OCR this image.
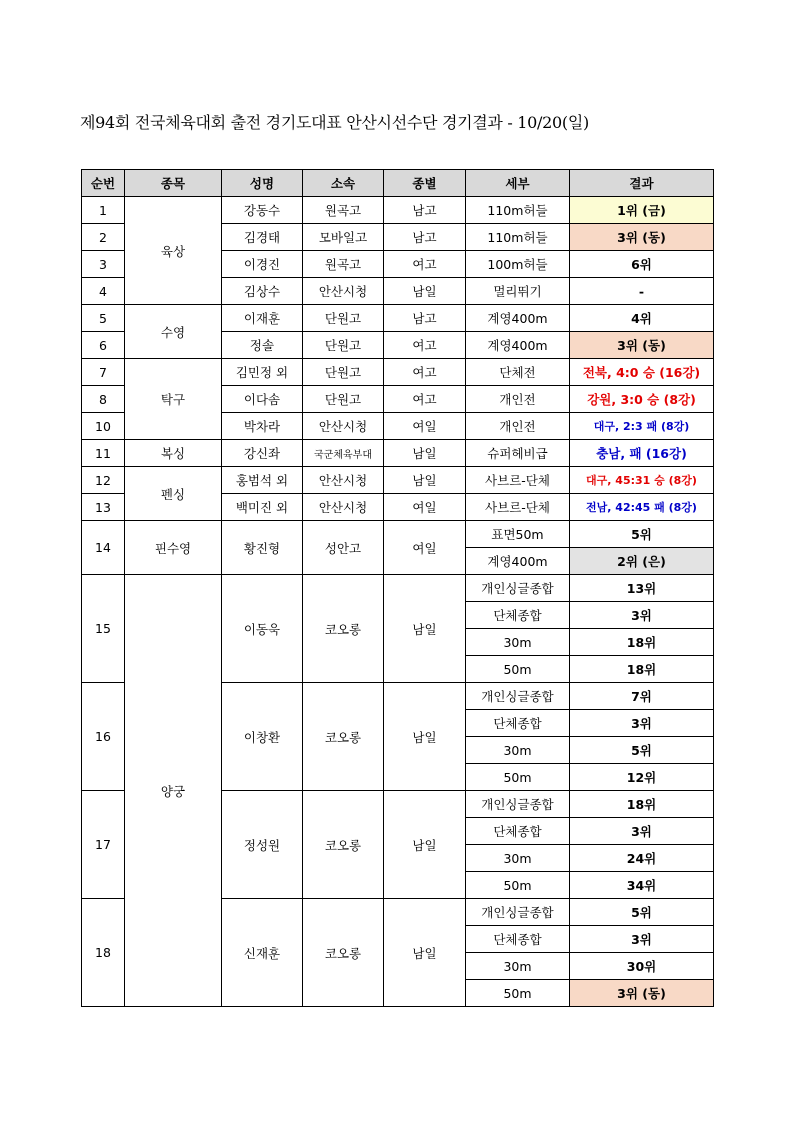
제94회 전국체육대회 출전 경기도대표 안산시선수단 경기결과 - 10/20(일)
순번	종목	성명	소속	종별	세부	결과
1	육상	강동수	원곡고	남고	110m허들	1위 (금)
2		김경태	모바일고	남고	110m허들	3위 (동)
3		이경진	원곡고	여고	100m허들	6위
4		김상수	안산시청	남일	멀리뛰기	-
5	수영	이재훈	단원고	남고	계영400m	4위
6		정솔	단원고	여고	계영400m	3위 (동)
7	탁구	김민정 외	단원고	여고	단체전	전북, 4:0 승 (16강)
8		이다솜	단원고	여고	개인전	강원, 3:0 승 (8강)
10		박차라	안산시청	여일	개인전	대구, 2:3 패 (8강)
11	복싱	강신좌	국군체육부대	남일	슈퍼헤비급	충남, 패 (16강)
12	펜싱	홍범석 외	안산시청	남일	사브르-단체	대구, 45:31 승 (8강)
13		백미진 외	안산시청	여일	사브르-단체	전남, 42:45 패 (8강)
14	핀수영	황진형	성안고	여일	표면50m	5위
					계영400m	2위 (은)
15	양궁	이동욱	코오롱	남일	개인싱글종합	13위
					단체종합	3위
					30m	18위
					50m	18위
16		이창환	코오롱	남일	개인싱글종합	7위
					단체종합	3위
					30m	5위
					50m	12위
17		정성원	코오롱	남일	개인싱글종합	18위
					단체종합	3위
					30m	24위
					50m	34위
18		신재훈	코오롱	남일	개인싱글종합	5위
					단체종합	3위
					30m	30위
					50m	3위 (동)
